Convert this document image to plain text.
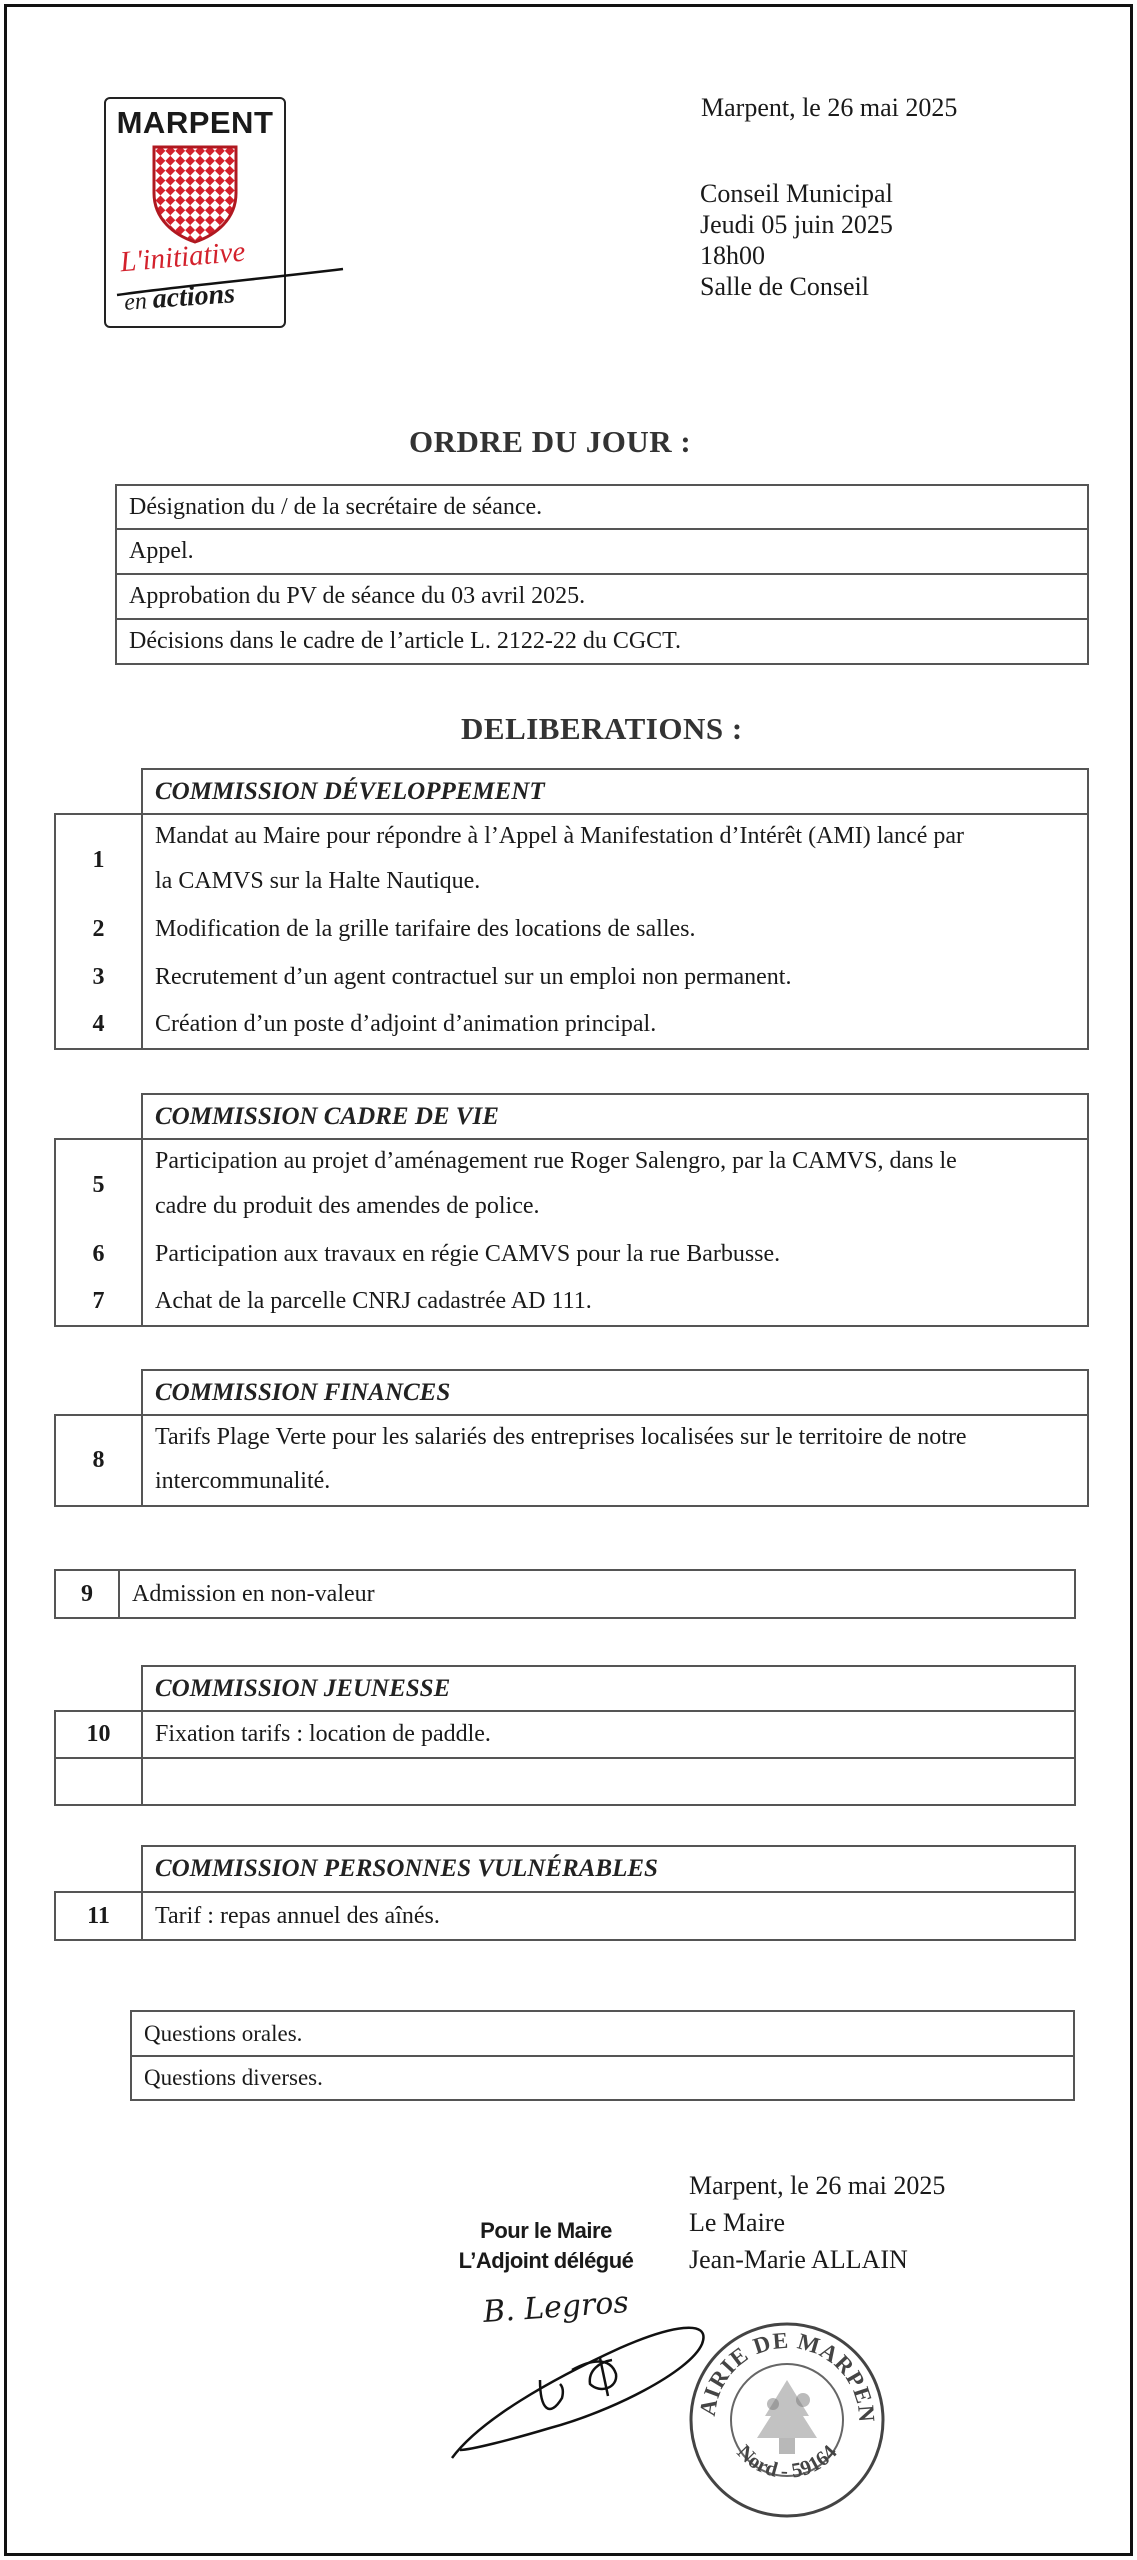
MARPENT
L'initiative
en actions
Marpent, le 26 mai 2025
Conseil Municipal
Jeudi 05 juin 2025
18h00
Salle de Conseil
ORDRE DU JOUR :
Désignation du / de la secrétaire de séance.
Appel.
Approbation du PV de séance du 03 avril 2025.
Décisions dans le cadre de l’article L. 2122-22 du CGCT.
DELIBERATIONS :
	COMMISSION DÉVELOPPEMENT
1	Mandat au Maire pour répondre à l’Appel à Manifestation d’Intérêt (AMI) lancé par
	la CAMVS sur la Halte Nautique.
2	Modification de la grille tarifaire des locations de salles.
3	Recrutement d’un agent contractuel sur un emploi non permanent.
4	Création d’un poste d’adjoint d’animation principal.
	COMMISSION CADRE DE VIE
5	Participation au projet d’aménagement rue Roger Salengro, par la CAMVS, dans le
	cadre du produit des amendes de police.
6	Participation aux travaux en régie CAMVS pour la rue Barbusse.
7	Achat de la parcelle CNRJ cadastrée AD 111.
	COMMISSION FINANCES
8	Tarifs Plage Verte pour les salariés des entreprises localisées sur le territoire de notre
	intercommunalité.
9	Admission en non-valeur
	COMMISSION JEUNESSE
10	Fixation tarifs : location de paddle.

	COMMISSION PERSONNES VULNÉRABLES
11	Tarif : repas annuel des aînés.
Questions orales.
Questions diverses.
Marpent, le 26 mai 2025
Le Maire
Jean-Marie ALLAIN
Pour le Maire
L’Adjoint délégué
B. Legros
AIRIE DE MARPEN
Nord - 59164
